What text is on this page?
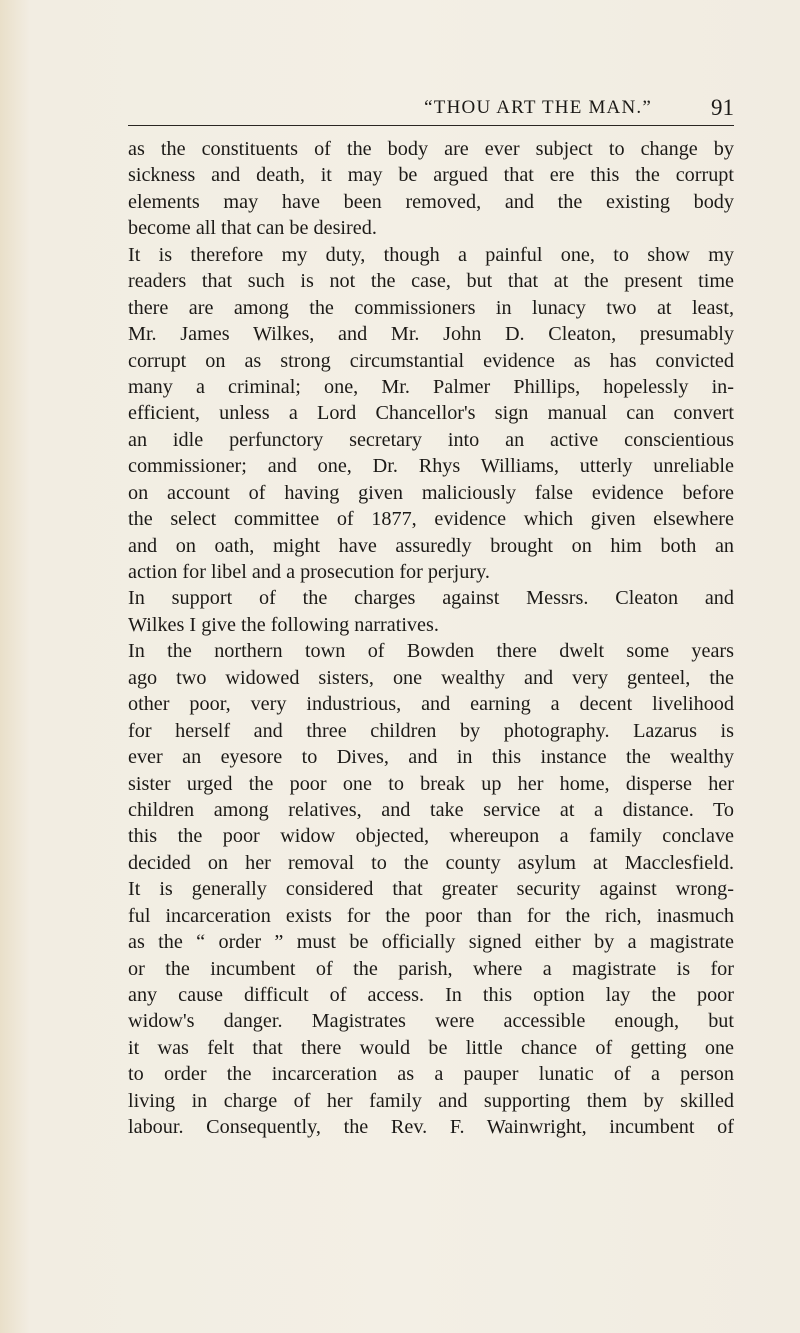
“THOU ART THE MAN.”	91
as the constituents of the body are ever subject to change by
sickness and death, it may be argued that ere this the corrupt
elements may have been removed, and the existing body
become all that can be desired.
It is therefore my duty, though a painful one, to show my
readers that such is not the case, but that at the present time
there are among the commissioners in lunacy two at least,
Mr. James Wilkes, and Mr. John D. Cleaton, presumably
corrupt on as strong circumstantial evidence as has convicted
many a criminal; one, Mr. Palmer Phillips, hopelessly in-
efficient, unless a Lord Chancellor's sign manual can convert
an idle perfunctory secretary into an active conscientious
commissioner; and one, Dr. Rhys Williams, utterly unreliable
on account of having given maliciously false evidence before
the select committee of 1877, evidence which given elsewhere
and on oath, might have assuredly brought on him both an
action for libel and a prosecution for perjury.
In support of the charges against Messrs. Cleaton and
Wilkes I give the following narratives.
In the northern town of Bowden there dwelt some years
ago two widowed sisters, one wealthy and very genteel, the
other poor, very industrious, and earning a decent livelihood
for herself and three children by photography. Lazarus is
ever an eyesore to Dives, and in this instance the wealthy
sister urged the poor one to break up her home, disperse her
children among relatives, and take service at a distance. To
this the poor widow objected, whereupon a family conclave
decided on her removal to the county asylum at Macclesfield.
It is generally considered that greater security against wrong-
ful incarceration exists for the poor than for the rich, inasmuch
as the “ order ” must be officially signed either by a magistrate
or the incumbent of the parish, where a magistrate is for
any cause difficult of access. In this option lay the poor
widow's danger. Magistrates were accessible enough, but
it was felt that there would be little chance of getting one
to order the incarceration as a pauper lunatic of a person
living in charge of her family and supporting them by skilled
labour. Consequently, the Rev. F. Wainwright, incumbent of
